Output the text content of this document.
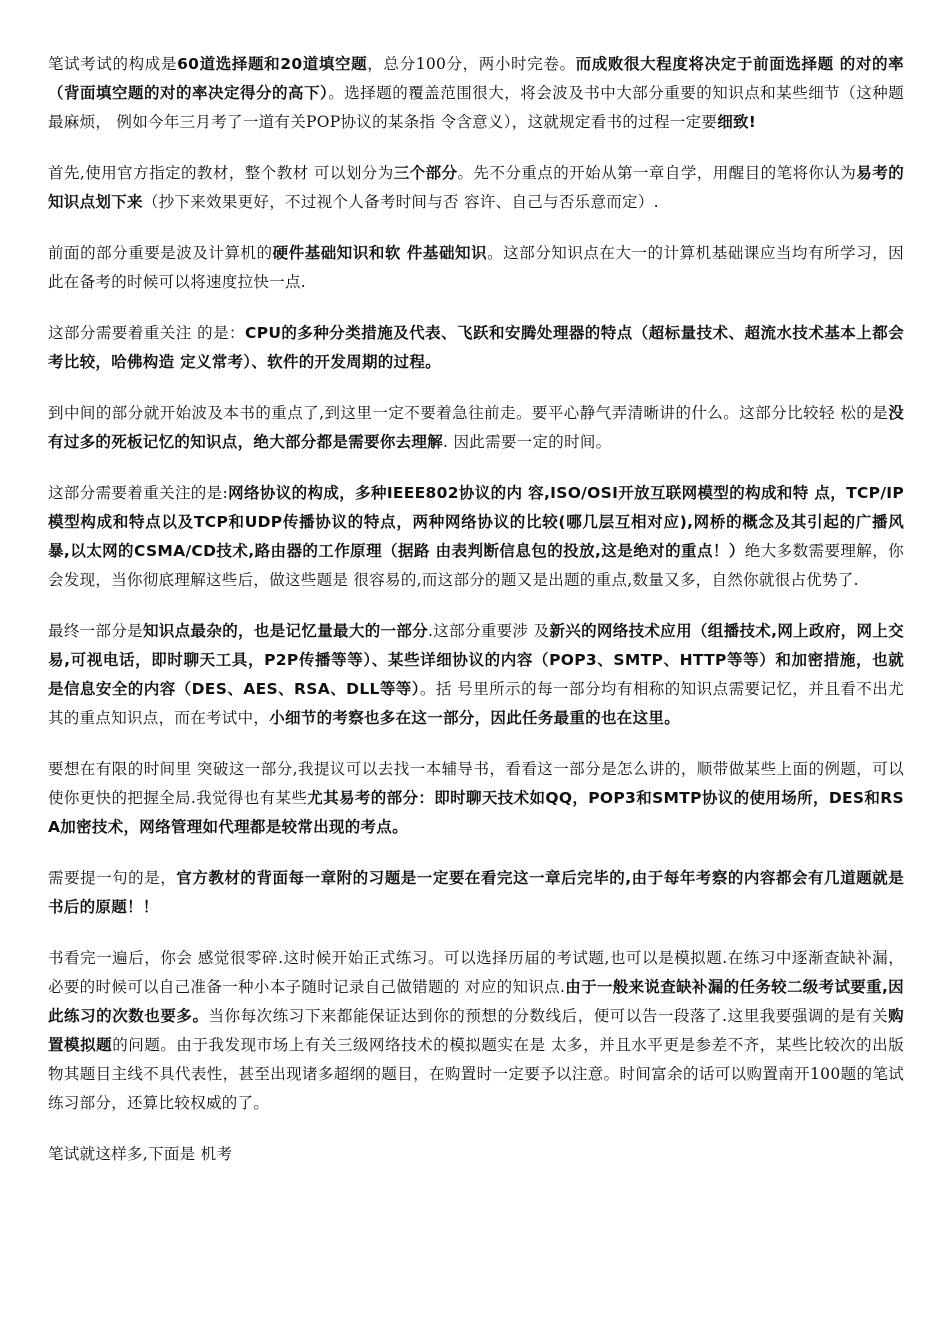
笔试考试的构成是60道选择题和20道填空题，总分100分，两小时完卷。而成败很大程度将决定于前面选择题 的对的率（背面填空题的对的率决定得分的高下）。选择题的覆盖范围很大，将会波及书中大部分重要的知识点和某些细节（这种题最麻烦， 例如今年三月考了一道有关POP协议的某条指 令含意义），这就规定看书的过程一定要细致!

首先,使用官方指定的教材，整个教材 可以划分为三个部分。先不分重点的开始从第一章自学，用醒目的笔将你认为易考的知识点划下来（抄下来效果更好，不过视个人备考时间与否 容许、自己与否乐意而定）.

前面的部分重要是波及计算机的硬件基础知识和软 件基础知识。这部分知识点在大一的计算机基础课应当均有所学习，因此在备考的时候可以将速度拉快一点.

这部分需要着重关注 的是：CPU的多种分类措施及代表、飞跃和安腾处理器的特点（超标量技术、超流水技术基本上都会考比较，哈佛构造 定义常考）、软件的开发周期的过程。

到中间的部分就开始波及本书的重点了,到这里一定不要着急往前走。要平心静气弄清晰讲的什么。这部分比较轻 松的是没有过多的死板记忆的知识点，绝大部分都是需要你去理解. 因此需要一定的时间。

这部分需要着重关注的是:网络协议的构成，多种IEEE802协议的内 容,ISO/OSI开放互联网模型的构成和特 点，TCP/IP模型构成和特点以及TCP和UDP传播协议的特点，两种网络协议的比较(哪几层互相对应),网桥的概念及其引起的广播风暴,以太网的CSMA/CD技术,路由器的工作原理（据路 由表判断信息包的投放,这是绝对的重点！）绝大多数需要理解，你会发现，当你彻底理解这些后，做这些题是 很容易的,而这部分的题又是出题的重点,数量又多，自然你就很占优势了.

最终一部分是知识点最杂的，也是记忆量最大的一部分.这部分重要涉 及新兴的网络技术应用（组播技术,网上政府，网上交易,可视电话，即时聊天工具，P2P传播等等）、某些详细协议的内容（POP3、SMTP、HTTP等等）和加密措施，也就是信息安全的内容（DES、AES、RSA、DLL等等）。括 号里所示的每一部分均有相称的知识点需要记忆，并且看不出尤其的重点知识点，而在考试中，小细节的考察也多在这一部分，因此任务最重的也在这里。

要想在有限的时间里 突破这一部分,我提议可以去找一本辅导书，看看这一部分是怎么讲的，顺带做某些上面的例题，可以使你更快的把握全局.我觉得也有某些尤其易考的部分：即时聊天技术如QQ，POP3和SMTP协议的使用场所，DES和RSA加密技术，网络管理如代理都是较常出现的考点。

需要提一句的是，官方教材的背面每一章附的习题是一定要在看完这一章后完毕的,由于每年考察的内容都会有几道题就是书后的原题！！

书看完一遍后，你会 感觉很零碎.这时候开始正式练习。可以选择历届的考试题,也可以是模拟题.在练习中逐渐查缺补漏，必要的时候可以自己准备一种小本子随时记录自己做错题的 对应的知识点.由于一般来说查缺补漏的任务较二级考试要重,因此练习的次数也要多。当你每次练习下来都能保证达到你的预想的分数线后，便可以告一段落了.这里我要强调的是有关购置模拟题的问题。由于我发现市场上有关三级网络技术的模拟题实在是 太多，并且水平更是参差不齐，某些比较次的出版物其题目主线不具代表性，甚至出现诸多超纲的题目，在购置时一定要予以注意。时间富余的话可以购置南开100题的笔试练习部分，还算比较权威的了。

笔试就这样多,下面是 机考
